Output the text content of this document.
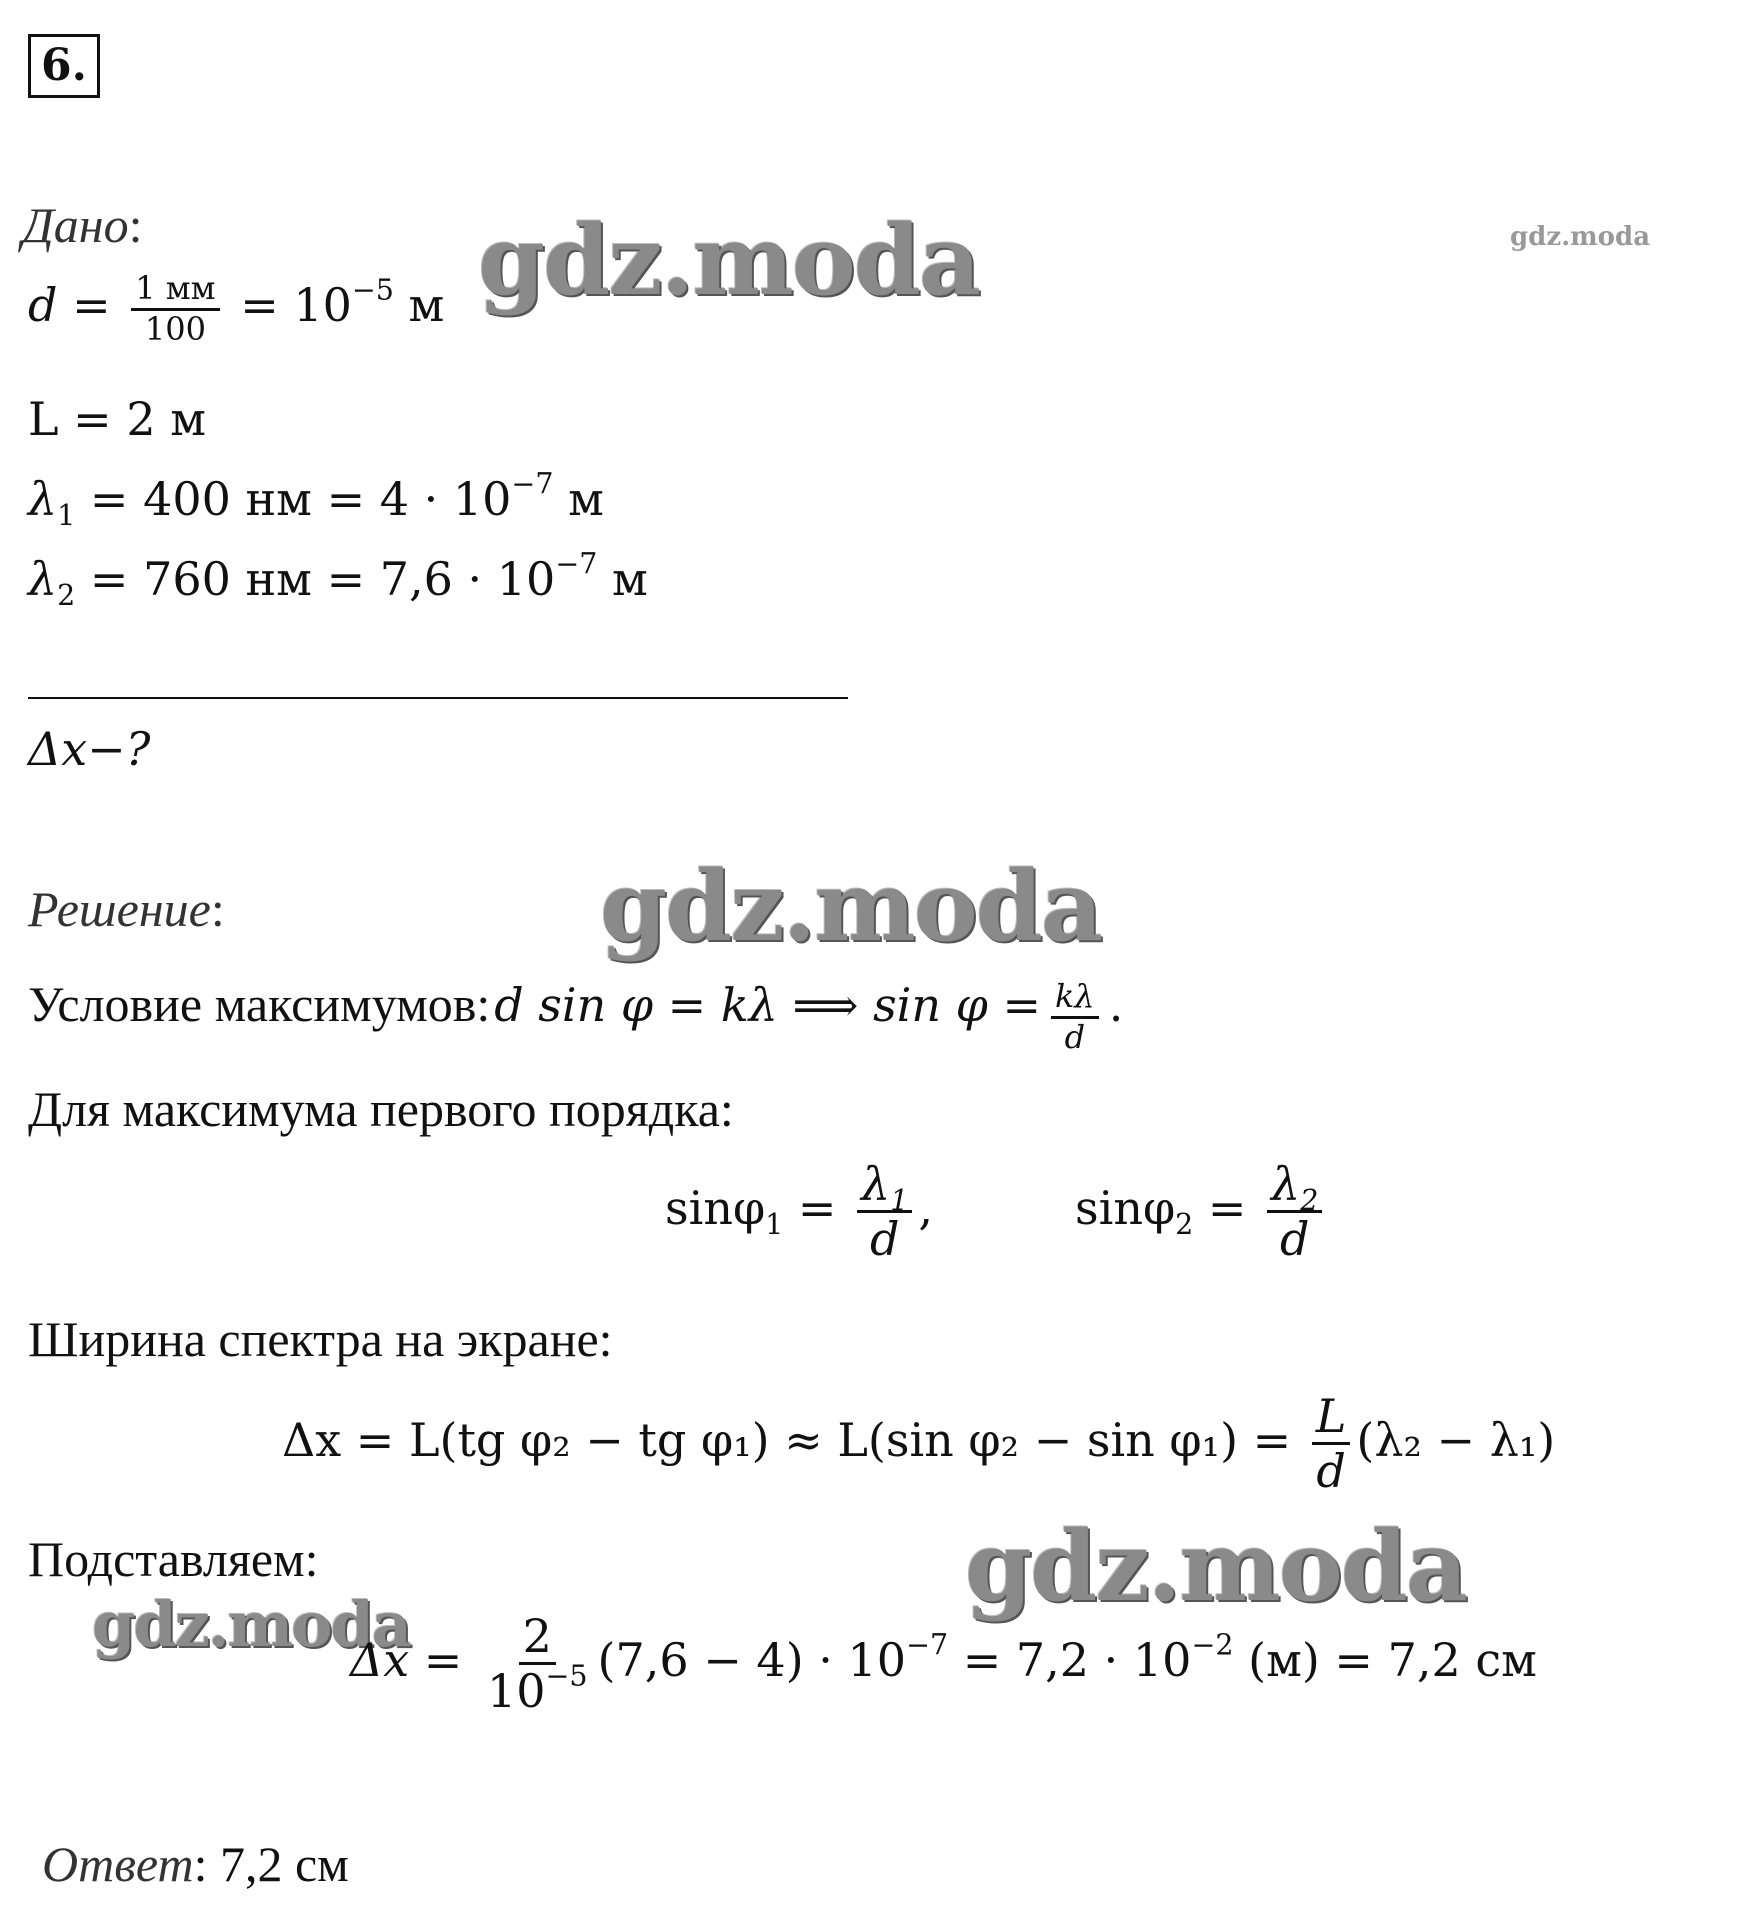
6.
gdz.moda
gdz.moda
gdz.moda
gdz.moda
gdz.moda
Дано:
$d = \frac{1 мм}{100} = 10^{-5}$ м
L = 2 м
$\lambda_1 = 400$ нм = $4 \cdot 10^{-7}$ м
$\lambda_2 = 760$ нм = $7,6 \cdot 10^{-7}$ м
Δx−?
Решение:
Условие максимумов: d sin φ = kλ ⟹ $\sin \varphi = \frac{k\lambda}{d}$ .
Для максимума первого порядка:
$\sin\varphi_1 = \frac{\lambda_1}{d}$ ,	$\sin\varphi_2 = \frac{\lambda_2}{d}$
Ширина спектра на экране:
Δx = L(tg φ₂ − tg φ₁) ≈ L(sin $\varphi_2 - \sin \varphi_1) = \frac{L}{d} (\lambda_2 - \lambda_1)$
Подставляем:
$\Delta x = \frac{2}{10^{-5}} (7,6 - 4) \cdot 10^{-7} = 7,2 \cdot 10^{-2}$ (м) = 7,2 см
Ответ: 7,2 см
